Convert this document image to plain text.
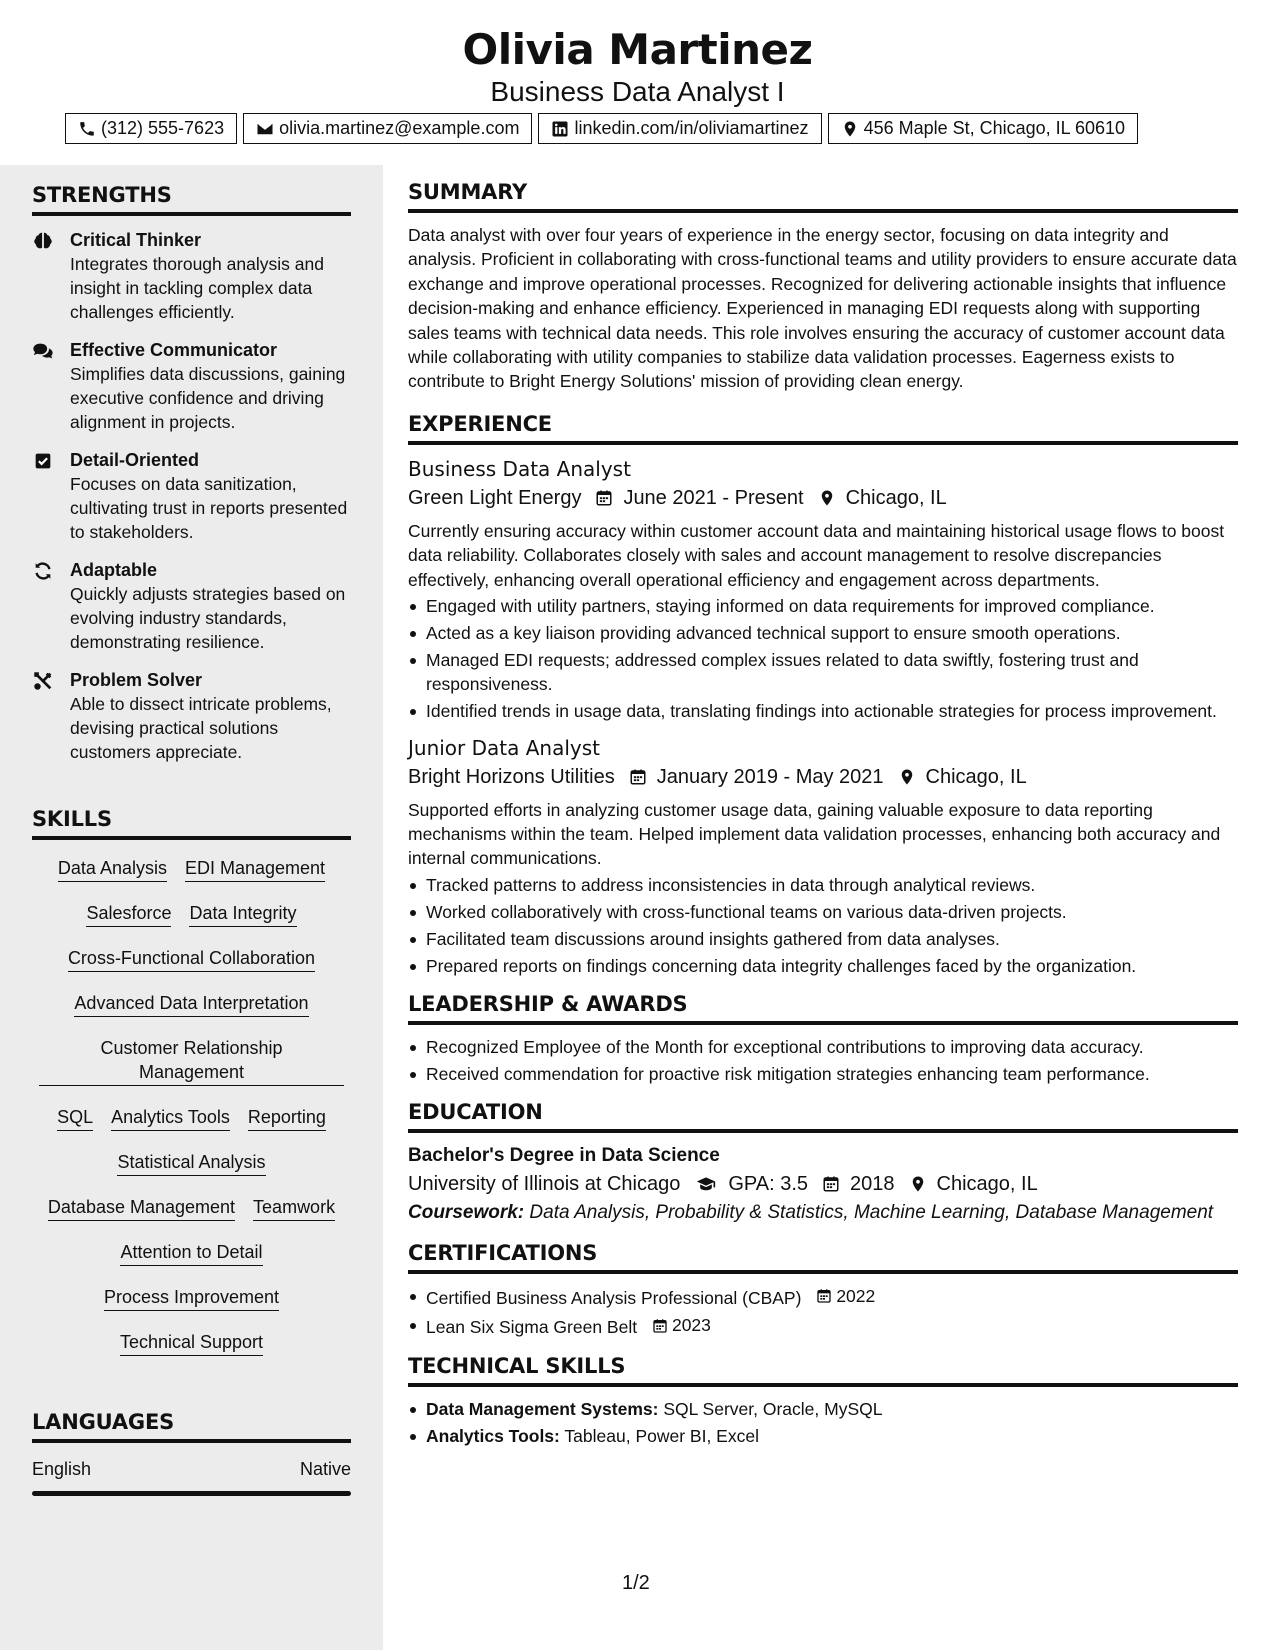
Olivia Martinez
Business Data Analyst I
(312) 555-7623	olivia.martinez@example.com	linkedin.com/in/oliviamartinez	456 Maple St, Chicago, IL 60610
STRENGTHS
Critical Thinker
Integrates thorough analysis and insight in tackling complex data challenges efficiently.
Effective Communicator
Simplifies data discussions, gaining executive confidence and driving alignment in projects.
Detail-Oriented
Focuses on data sanitization, cultivating trust in reports presented to stakeholders.
Adaptable
Quickly adjusts strategies based on evolving industry standards, demonstrating resilience.
Problem Solver
Able to dissect intricate problems, devising practical solutions customers appreciate.
SKILLS
Data Analysis EDI Management
Salesforce Data Integrity
Cross-Functional Collaboration
Advanced Data Interpretation
Customer Relationship Management
SQL Analytics Tools Reporting
Statistical Analysis
Database Management Teamwork
Attention to Detail
Process Improvement
Technical Support
LANGUAGES
English	Native
SUMMARY
Data analyst with over four years of experience in the energy sector, focusing on data integrity and analysis. Proficient in collaborating with cross-functional teams and utility providers to ensure accurate data exchange and improve operational processes. Recognized for delivering actionable insights that influence decision-making and enhance efficiency. Experienced in managing EDI requests along with supporting sales teams with technical data needs. This role involves ensuring the accuracy of customer account data while collaborating with utility companies to stabilize data validation processes. Eagerness exists to contribute to Bright Energy Solutions' mission of providing clean energy.
EXPERIENCE
Business Data Analyst
Green Light Energy June 2021 - Present Chicago, IL
Currently ensuring accuracy within customer account data and maintaining historical usage flows to boost data reliability. Collaborates closely with sales and account management to resolve discrepancies effectively, enhancing overall operational efficiency and engagement across departments.
Engaged with utility partners, staying informed on data requirements for improved compliance.
Acted as a key liaison providing advanced technical support to ensure smooth operations.
Managed EDI requests; addressed complex issues related to data swiftly, fostering trust and responsiveness.
Identified trends in usage data, translating findings into actionable strategies for process improvement.
Junior Data Analyst
Bright Horizons Utilities January 2019 - May 2021 Chicago, IL
Supported efforts in analyzing customer usage data, gaining valuable exposure to data reporting mechanisms within the team. Helped implement data validation processes, enhancing both accuracy and internal communications.
Tracked patterns to address inconsistencies in data through analytical reviews.
Worked collaboratively with cross-functional teams on various data-driven projects.
Facilitated team discussions around insights gathered from data analyses.
Prepared reports on findings concerning data integrity challenges faced by the organization.
LEADERSHIP & AWARDS
Recognized Employee of the Month for exceptional contributions to improving data accuracy.
Received commendation for proactive risk mitigation strategies enhancing team performance.
EDUCATION
Bachelor's Degree in Data Science
University of Illinois at Chicago GPA: 3.5 2018 Chicago, IL
Coursework: Data Analysis, Probability & Statistics, Machine Learning, Database Management
CERTIFICATIONS
Certified Business Analysis Professional (CBAP) 2022
Lean Six Sigma Green Belt 2023
TECHNICAL SKILLS
Data Management Systems: SQL Server, Oracle, MySQL
Analytics Tools: Tableau, Power BI, Excel
1/2
